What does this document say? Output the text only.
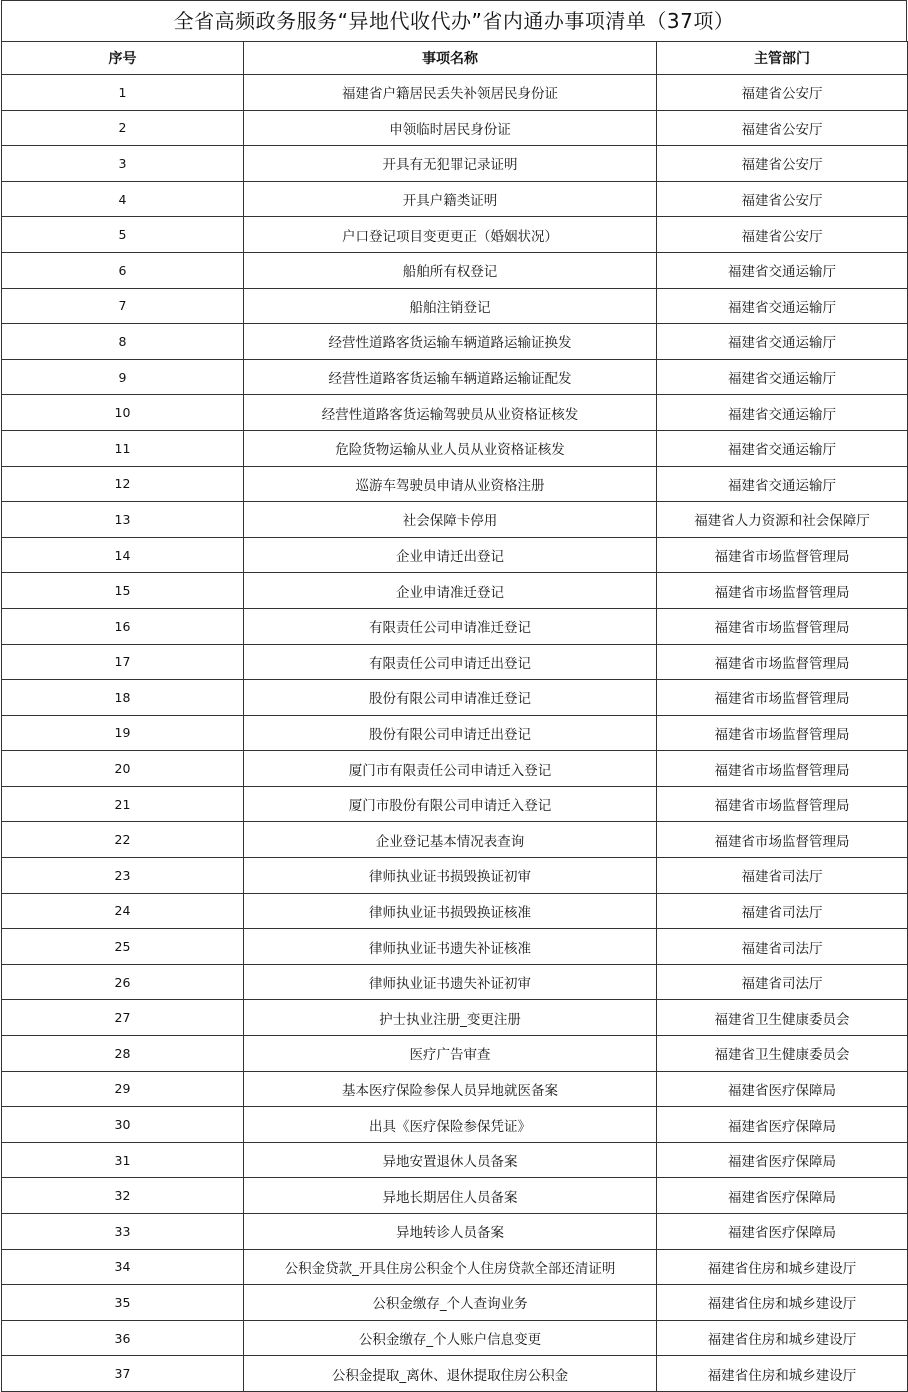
全省高频政务服务“异地代收代办”省内通办事项清单（37项）
序号	事项名称	主管部门
1	福建省户籍居民丢失补领居民身份证	福建省公安厅
2	申领临时居民身份证	福建省公安厅
3	开具有无犯罪记录证明	福建省公安厅
4	开具户籍类证明	福建省公安厅
5	户口登记项目变更更正（婚姻状况）	福建省公安厅
6	船舶所有权登记	福建省交通运输厅
7	船舶注销登记	福建省交通运输厅
8	经营性道路客货运输车辆道路运输证换发	福建省交通运输厅
9	经营性道路客货运输车辆道路运输证配发	福建省交通运输厅
10	经营性道路客货运输驾驶员从业资格证核发	福建省交通运输厅
11	危险货物运输从业人员从业资格证核发	福建省交通运输厅
12	巡游车驾驶员申请从业资格注册	福建省交通运输厅
13	社会保障卡停用	福建省人力资源和社会保障厅
14	企业申请迁出登记	福建省市场监督管理局
15	企业申请准迁登记	福建省市场监督管理局
16	有限责任公司申请准迁登记	福建省市场监督管理局
17	有限责任公司申请迁出登记	福建省市场监督管理局
18	股份有限公司申请准迁登记	福建省市场监督管理局
19	股份有限公司申请迁出登记	福建省市场监督管理局
20	厦门市有限责任公司申请迁入登记	福建省市场监督管理局
21	厦门市股份有限公司申请迁入登记	福建省市场监督管理局
22	企业登记基本情况表查询	福建省市场监督管理局
23	律师执业证书损毁换证初审	福建省司法厅
24	律师执业证书损毁换证核准	福建省司法厅
25	律师执业证书遗失补证核准	福建省司法厅
26	律师执业证书遗失补证初审	福建省司法厅
27	护士执业注册_变更注册	福建省卫生健康委员会
28	医疗广告审查	福建省卫生健康委员会
29	基本医疗保险参保人员异地就医备案	福建省医疗保障局
30	出具《医疗保险参保凭证》	福建省医疗保障局
31	异地安置退休人员备案	福建省医疗保障局
32	异地长期居住人员备案	福建省医疗保障局
33	异地转诊人员备案	福建省医疗保障局
34	公积金贷款_开具住房公积金个人住房贷款全部还清证明	福建省住房和城乡建设厅
35	公积金缴存_个人查询业务	福建省住房和城乡建设厅
36	公积金缴存_个人账户信息变更	福建省住房和城乡建设厅
37	公积金提取_离休、退休提取住房公积金	福建省住房和城乡建设厅
